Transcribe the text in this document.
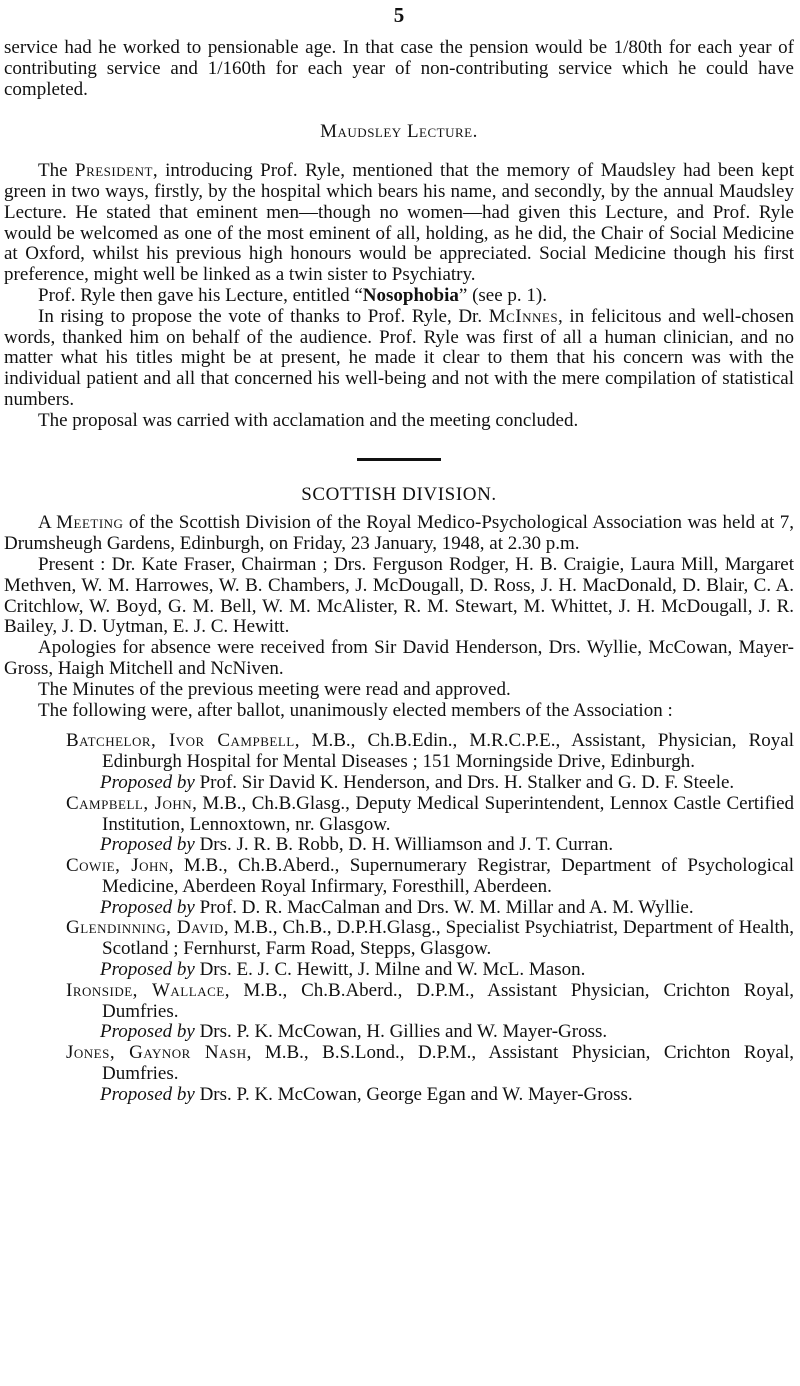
5

service had he worked to pensionable age. In that case the pension would be 1/80th for each year of contributing service and 1/160th for each year of non-contributing service which he could have completed.

Maudsley Lecture.

The President, introducing Prof. Ryle, mentioned that the memory of Maudsley had been kept green in two ways, firstly, by the hospital which bears his name, and secondly, by the annual Maudsley Lecture. He stated that eminent men—though no women—had given this Lecture, and Prof. Ryle would be welcomed as one of the most eminent of all, holding, as he did, the Chair of Social Medicine at Oxford, whilst his previous high honours would be appreciated. Social Medicine though his first preference, might well be linked as a twin sister to Psychiatry.

Prof. Ryle then gave his Lecture, entitled “Nosophobia” (see p. 1).

In rising to propose the vote of thanks to Prof. Ryle, Dr. McInnes, in felicitous and well-chosen words, thanked him on behalf of the audience. Prof. Ryle was first of all a human clinician, and no matter what his titles might be at present, he made it clear to them that his concern was with the individual patient and all that concerned his well-being and not with the mere compilation of statistical numbers.

The proposal was carried with acclamation and the meeting concluded.

SCOTTISH DIVISION.

A Meeting of the Scottish Division of the Royal Medico-Psychological Association was held at 7, Drumsheugh Gardens, Edinburgh, on Friday, 23 January, 1948, at 2.30 p.m.

Present : Dr. Kate Fraser, Chairman ; Drs. Ferguson Rodger, H. B. Craigie, Laura Mill, Margaret Methven, W. M. Harrowes, W. B. Chambers, J. McDougall, D. Ross, J. H. MacDonald, D. Blair, C. A. Critchlow, W. Boyd, G. M. Bell, W. M. McAlister, R. M. Stewart, M. Whittet, J. H. McDougall, J. R. Bailey, J. D. Uytman, E. J. C. Hewitt.

Apologies for absence were received from Sir David Henderson, Drs. Wyllie, McCowan, Mayer-Gross, Haigh Mitchell and NcNiven.

The Minutes of the previous meeting were read and approved.

The following were, after ballot, unanimously elected members of the Association :

Batchelor, Ivor Campbell, M.B., Ch.B.Edin., M.R.C.P.E., Assistant, Physician, Royal Edinburgh Hospital for Mental Diseases ; 151 Morningside Drive, Edinburgh.

Proposed by Prof. Sir David K. Henderson, and Drs. H. Stalker and G. D. F. Steele.

Campbell, John, M.B., Ch.B.Glasg., Deputy Medical Superintendent, Lennox Castle Certified Institution, Lennoxtown, nr. Glasgow.

Proposed by Drs. J. R. B. Robb, D. H. Williamson and J. T. Curran.

Cowie, John, M.B., Ch.B.Aberd., Supernumerary Registrar, Department of Psychological Medicine, Aberdeen Royal Infirmary, Foresthill, Aberdeen.

Proposed by Prof. D. R. MacCalman and Drs. W. M. Millar and A. M. Wyllie.

Glendinning, David, M.B., Ch.B., D.P.H.Glasg., Specialist Psychiatrist, Department of Health, Scotland ; Fernhurst, Farm Road, Stepps, Glasgow.

Proposed by Drs. E. J. C. Hewitt, J. Milne and W. McL. Mason.

Ironside, Wallace, M.B., Ch.B.Aberd., D.P.M., Assistant Physician, Crichton Royal, Dumfries.

Proposed by Drs. P. K. McCowan, H. Gillies and W. Mayer-Gross.

Jones, Gaynor Nash, M.B., B.S.Lond., D.P.M., Assistant Physician, Crichton Royal, Dumfries.

Proposed by Drs. P. K. McCowan, George Egan and W. Mayer-Gross.
